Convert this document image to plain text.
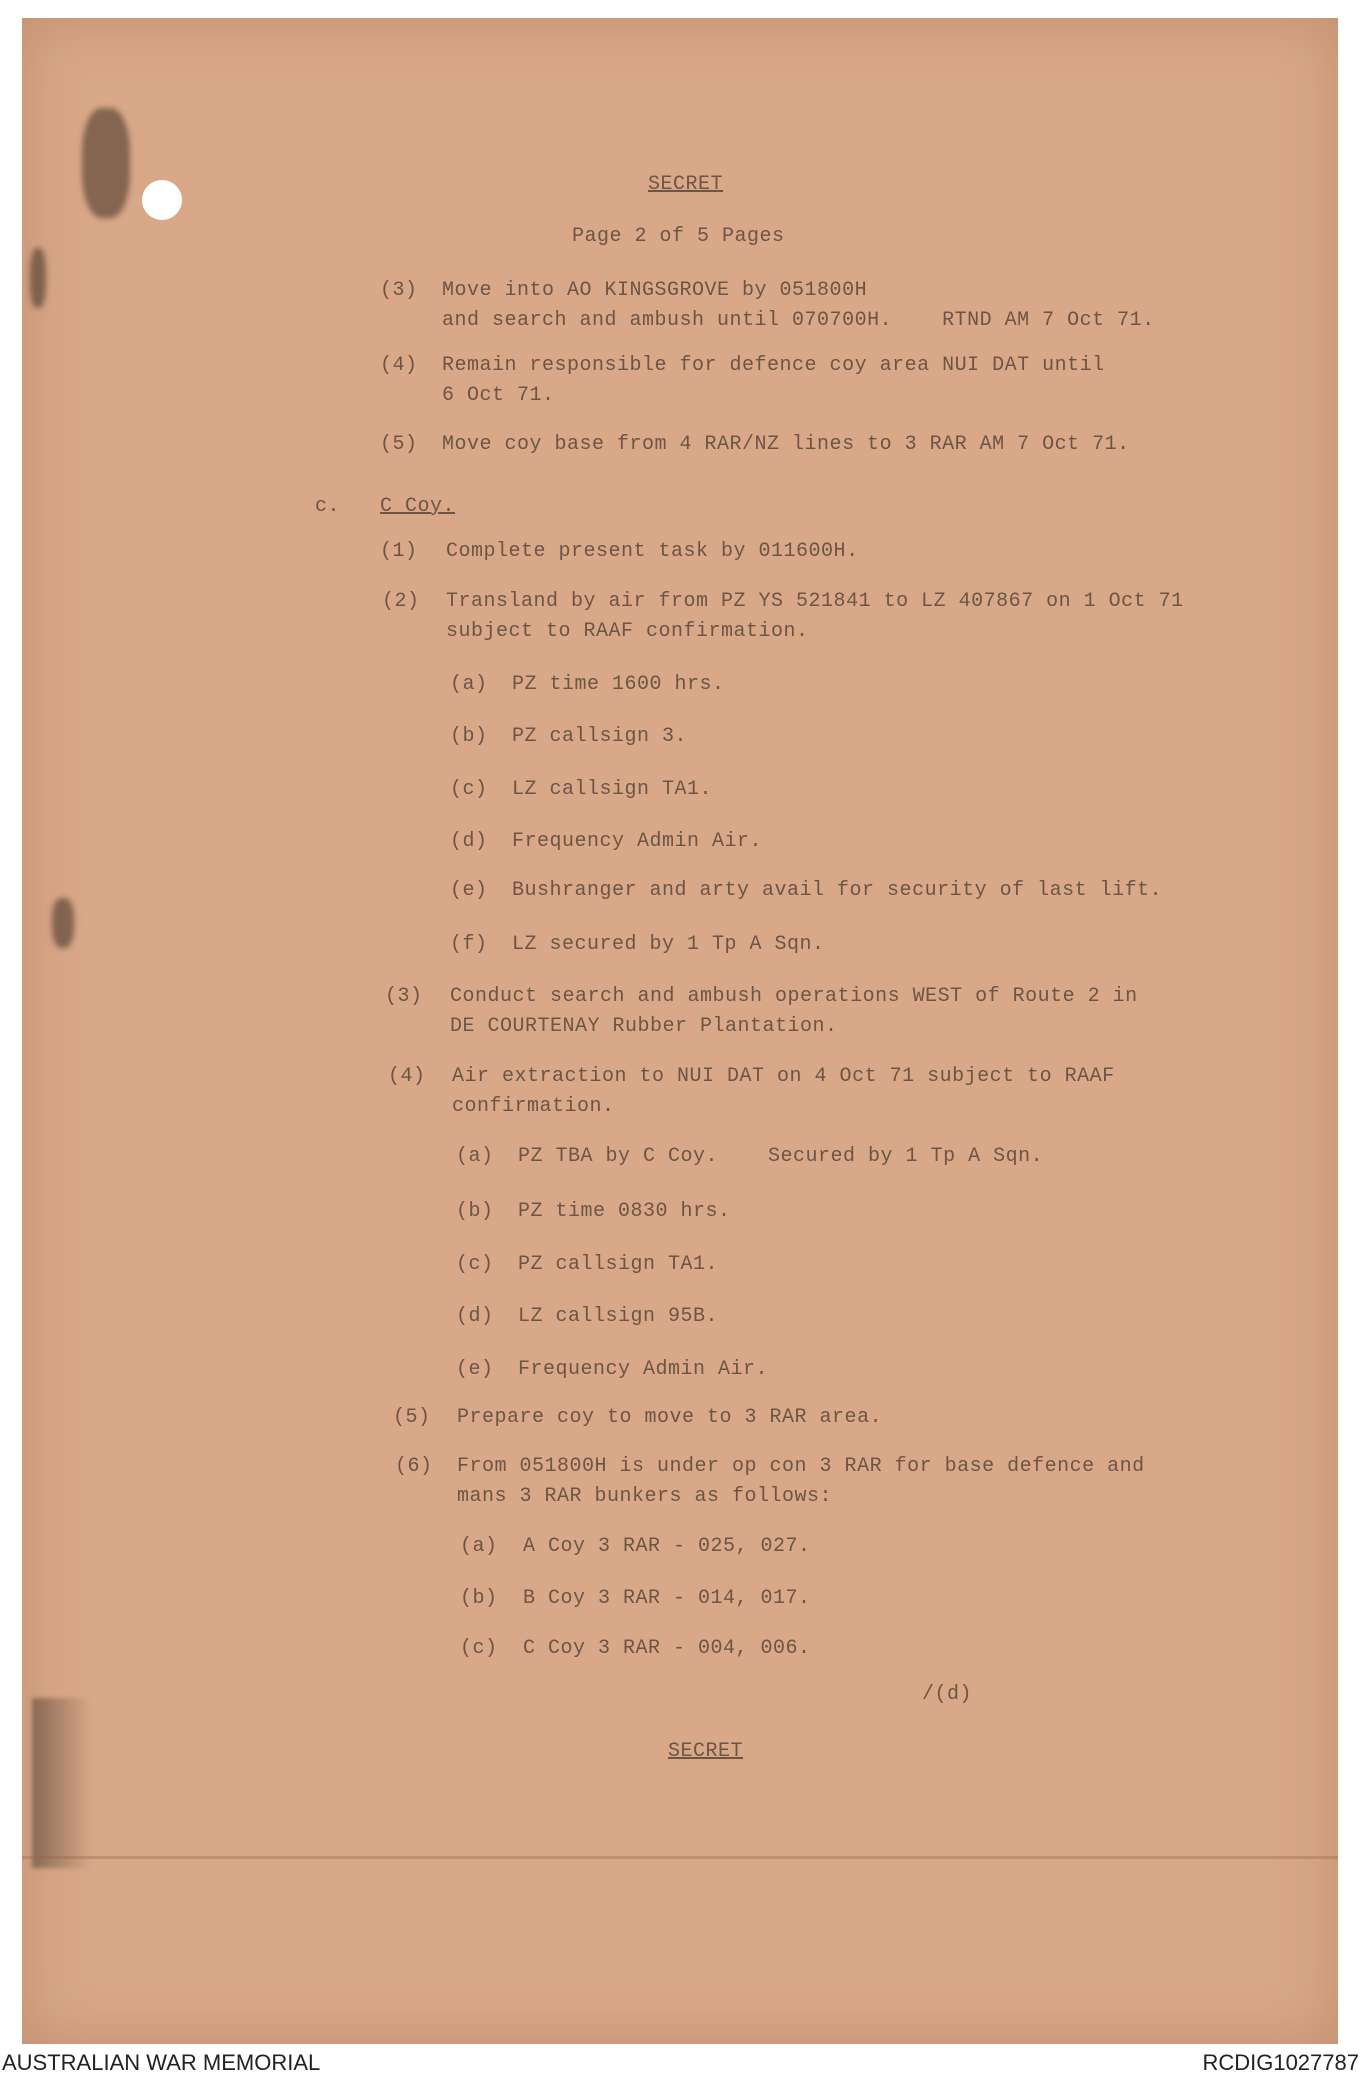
SECRET
Page 2 of 5 Pages
(3) Move into AO KINGSGROVE by 051800H
and search and ambush until 070700H.    RTND AM 7 Oct 71.
(4) Remain responsible for defence coy area NUI DAT until
6 Oct 71.
(5) Move coy base from 4 RAR/NZ lines to 3 RAR AM 7 Oct 71.
c. C Coy.
(1) Complete present task by 011600H.
(2) Transland by air from PZ YS 521841 to LZ 407867 on 1 Oct 71
subject to RAAF confirmation.
(a) PZ time 1600 hrs.
(b) PZ callsign 3.
(c) LZ callsign TA1.
(d) Frequency Admin Air.
(e) Bushranger and arty avail for security of last lift.
(f) LZ secured by 1 Tp A Sqn.
(3) Conduct search and ambush operations WEST of Route 2 in
DE COURTENAY Rubber Plantation.
(4) Air extraction to NUI DAT on 4 Oct 71 subject to RAAF
confirmation.
(a) PZ TBA by C Coy.    Secured by 1 Tp A Sqn.
(b) PZ time 0830 hrs.
(c) PZ callsign TA1.
(d) LZ callsign 95B.
(e) Frequency Admin Air.
(5) Prepare coy to move to 3 RAR area.
(6) From 051800H is under op con 3 RAR for base defence and
mans 3 RAR bunkers as follows:
(a) A Coy 3 RAR - 025, 027.
(b) B Coy 3 RAR - 014, 017.
(c) C Coy 3 RAR - 004, 006.
/(d)
SECRET
AUSTRALIAN WAR MEMORIAL	RCDIG1027787
